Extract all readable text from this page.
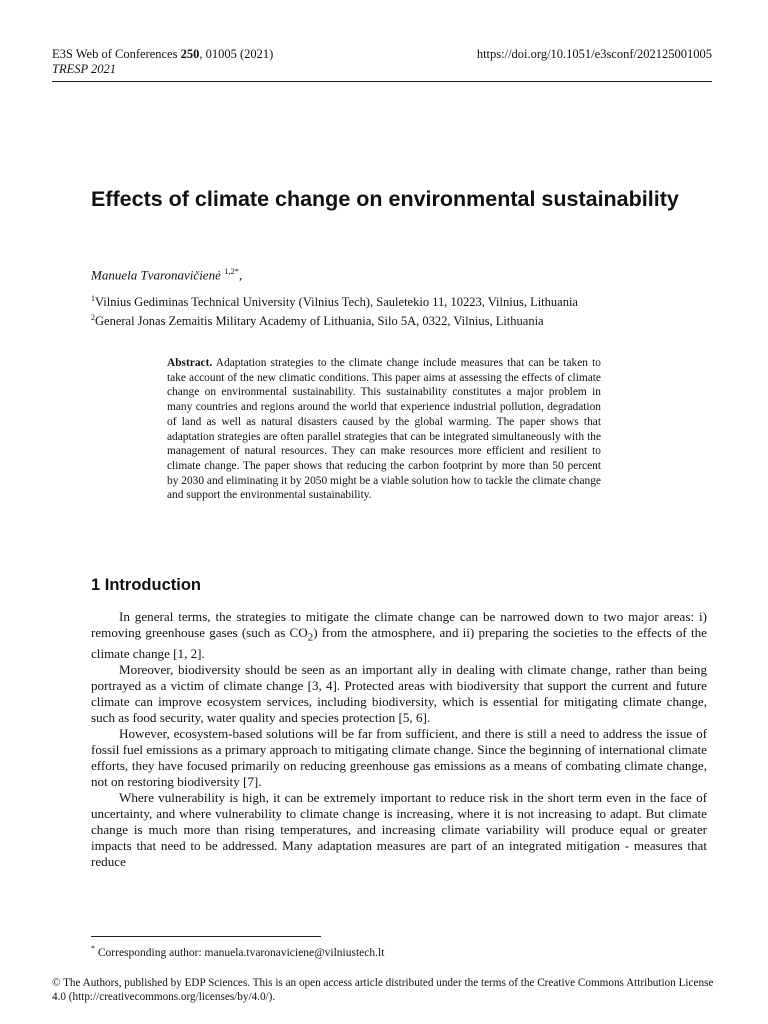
E3S Web of Conferences 250, 01005 (2021)
TRESP 2021
https://doi.org/10.1051/e3sconf/202125001005
Effects of climate change on environmental sustainability
Manuela Tvaronavičienė $^{1,2*}$,
$^1$Vilnius Gediminas Technical University (Vilnius Tech), Sauletekio 11, 10223, Vilnius, Lithuania
$^2$General Jonas Zemaitis Military Academy of Lithuania, Silo 5A, 0322, Vilnius, Lithuania

Abstract. Adaptation strategies to the climate change include measures that can be taken to take account of the new climatic conditions. This paper aims at assessing the effects of climate change on environmental sustainability. This sustainability constitutes a major problem in many countries and regions around the world that experience industrial pollution, degradation of land as well as natural disasters caused by the global warming. The paper shows that adaptation strategies are often parallel strategies that can be integrated simultaneously with the management of natural resources. They can make resources more efficient and resilient to climate change. The paper shows that reducing the carbon footprint by more than 50 percent by 2030 and eliminating it by 2050 might be a viable solution how to tackle the climate change and support the environmental sustainability.

1 Introduction

In general terms, the strategies to mitigate the climate change can be narrowed down to two major areas: i) removing greenhouse gases (such as $CO_2$) from the atmosphere, and ii) preparing the societies to the effects of the climate change [1, 2].

Moreover, biodiversity should be seen as an important ally in dealing with climate change, rather than being portrayed as a victim of climate change [3, 4]. Protected areas with biodiversity that support the current and future climate can improve ecosystem services, including biodiversity, which is essential for mitigating climate change, such as food security, water quality and species protection [5, 6].

However, ecosystem-based solutions will be far from sufficient, and there is still a need to address the issue of fossil fuel emissions as a primary approach to mitigating climate change. Since the beginning of international climate efforts, they have focused primarily on reducing greenhouse gas emissions as a means of combating climate change, not on restoring biodiversity [7].

Where vulnerability is high, it can be extremely important to reduce risk in the short term even in the face of uncertainty, and where vulnerability to climate change is increasing, where it is not increasing to adapt. But climate change is much more than rising temperatures, and increasing climate variability will produce equal or greater impacts that need to be addressed. Many adaptation measures are part of an integrated mitigation - measures that reduce

* Corresponding author: manuela.tvaronaviciene@vilniustech.lt
© The Authors, published by EDP Sciences. This is an open access article distributed under the terms of the Creative Commons Attribution License 4.0 (http://creativecommons.org/licenses/by/4.0/).
